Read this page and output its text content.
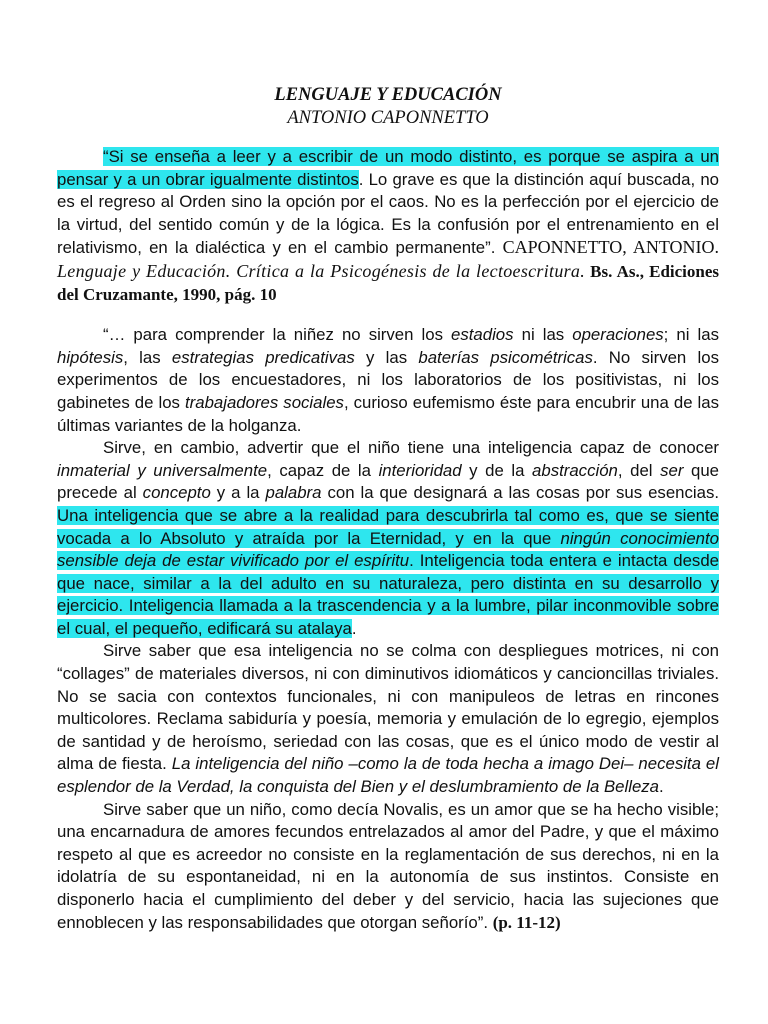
LENGUAJE Y EDUCACIÓN
ANTONIO CAPONNETTO

“Si se enseña a leer y a escribir de un modo distinto, es porque se aspira a un pensar y a un obrar igualmente distintos. Lo grave es que la distinción aquí buscada, no es el regreso al Orden sino la opción por el caos. No es la perfección por el ejercicio de la virtud, del sentido común y de la lógica. Es la confusión por el entrenamiento en el relativismo, en la dialéctica y en el cambio permanente”. CAPONNETTO, ANTONIO. Lenguaje y Educación. Crítica a la Psicogénesis de la lectoescritura. Bs. As., Ediciones del Cruzamante, 1990, pág. 10

“… para comprender la niñez no sirven los estadios ni las operaciones; ni las hipótesis, las estrategias predicativas y las baterías psicométricas. No sirven los experimentos de los encuestadores, ni los laboratorios de los positivistas, ni los gabinetes de los trabajadores sociales, curioso eufemismo éste para encubrir una de las últimas variantes de la holganza.

Sirve, en cambio, advertir que el niño tiene una inteligencia capaz de conocer inmaterial y universalmente, capaz de la interioridad y de la abstracción, del ser que precede al concepto y a la palabra con la que designará a las cosas por sus esencias. Una inteligencia que se abre a la realidad para descubrirla tal como es, que se siente vocada a lo Absoluto y atraída por la Eternidad, y en la que ningún conocimiento sensible deja de estar vivificado por el espíritu. Inteligencia toda entera e intacta desde que nace, similar a la del adulto en su naturaleza, pero distinta en su desarrollo y ejercicio. Inteligencia llamada a la trascendencia y a la lumbre, pilar inconmovible sobre el cual, el pequeño, edificará su atalaya.

Sirve saber que esa inteligencia no se colma con despliegues motrices, ni con “collages” de materiales diversos, ni con diminutivos idiomáticos y cancioncillas triviales. No se sacia con contextos funcionales, ni con manipuleos de letras en rincones multicolores. Reclama sabiduría y poesía, memoria y emulación de lo egregio, ejemplos de santidad y de heroísmo, seriedad con las cosas, que es el único modo de vestir al alma de fiesta. La inteligencia del niño –como la de toda hecha a imago Dei– necesita el esplendor de la Verdad, la conquista del Bien y el deslumbramiento de la Belleza.

Sirve saber que un niño, como decía Novalis, es un amor que se ha hecho visible; una encarnadura de amores fecundos entrelazados al amor del Padre, y que el máximo respeto al que es acreedor no consiste en la reglamentación de sus derechos, ni en la idolatría de su espontaneidad, ni en la autonomía de sus instintos. Consiste en disponerlo hacia el cumplimiento del deber y del servicio, hacia las sujeciones que ennoblecen y las responsabilidades que otorgan señorío”. (p. 11-12)
